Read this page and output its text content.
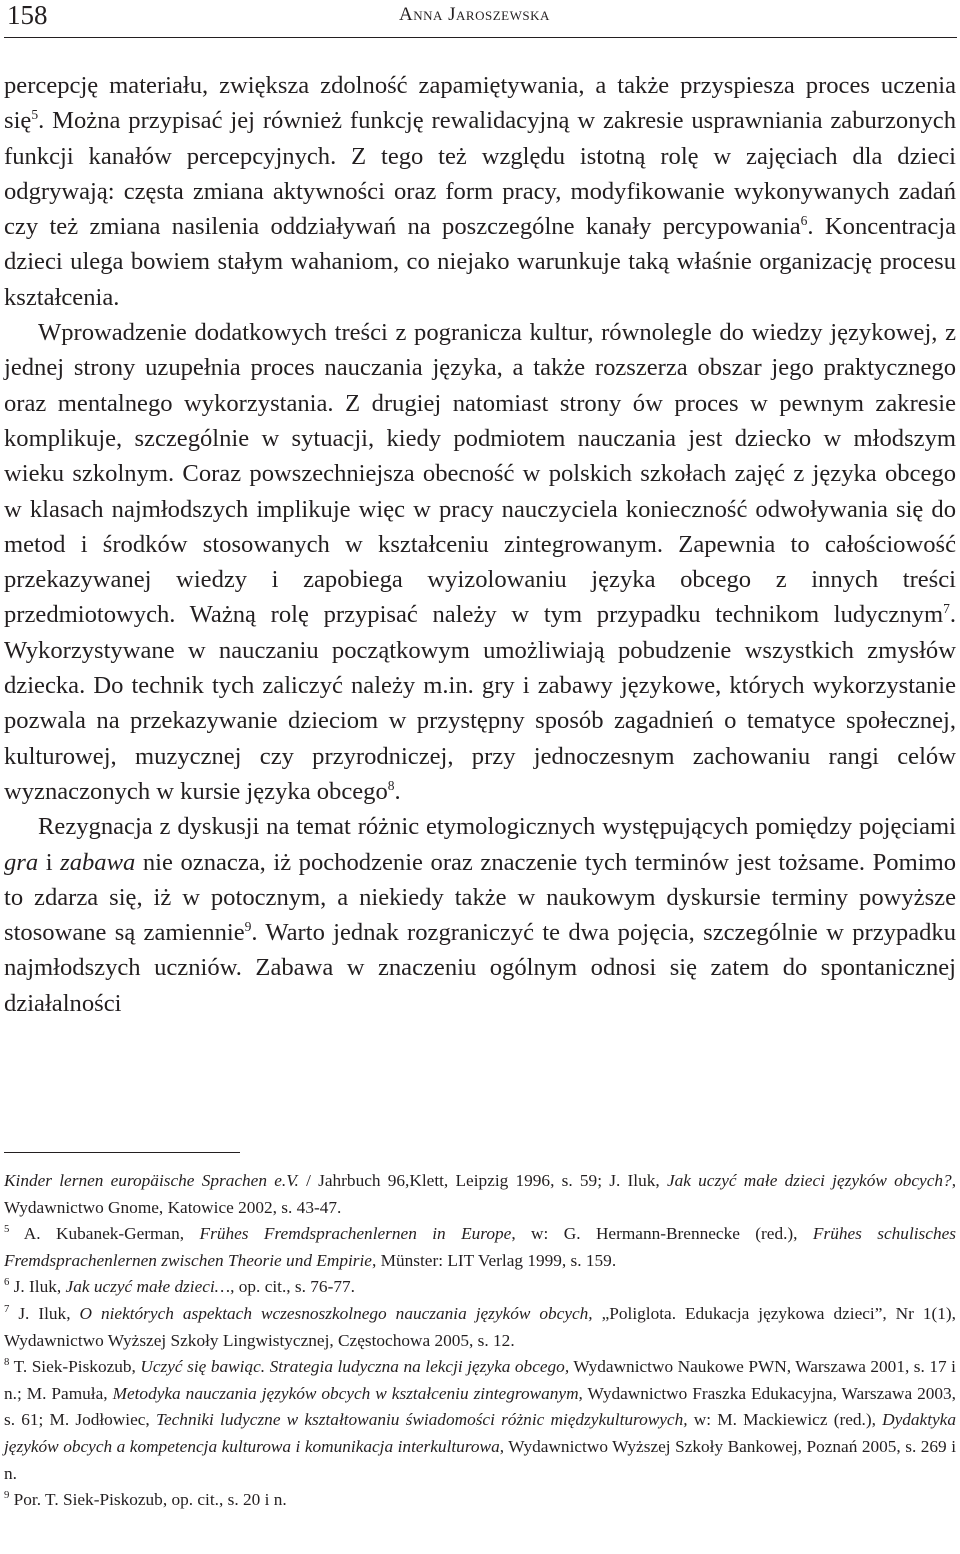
158	Anna Jaroszewska

percepcję materiału, zwiększa zdolność zapamiętywania, a także przyspiesza proces uczenia się$^5$. Można przypisać jej również funkcję rewalidacyjną w zakresie usprawniania zaburzonych funkcji kanałów percepcyjnych. Z tego też względu istotną rolę w zajęciach dla dzieci odgrywają: częsta zmiana aktywności oraz form pracy, modyfikowanie wykonywanych zadań czy też zmiana nasilenia oddziaływań na poszczególne kanały percypowania$^6$. Koncentracja dzieci ulega bowiem stałym wahaniom, co niejako warunkuje taką właśnie organizację procesu kształcenia.

Wprowadzenie dodatkowych treści z pogranicza kultur, równolegle do wiedzy językowej, z jednej strony uzupełnia proces nauczania języka, a także rozszerza obszar jego praktycznego oraz mentalnego wykorzystania. Z drugiej natomiast strony ów proces w pewnym zakresie komplikuje, szczególnie w sytuacji, kiedy podmiotem nauczania jest dziecko w młodszym wieku szkolnym. Coraz powszechniejsza obecność w polskich szkołach zajęć z języka obcego w klasach najmłodszych implikuje więc w pracy nauczyciela konieczność odwoływania się do metod i środków stosowanych w kształceniu zintegrowanym. Zapewnia to całościowość przekazywanej wiedzy i zapobiega wyizolowaniu języka obcego z innych treści przedmiotowych. Ważną rolę przypisać należy w tym przypadku technikom ludycznym$^7$. Wykorzystywane w nauczaniu początkowym umożliwiają pobudzenie wszystkich zmysłów dziecka. Do technik tych zaliczyć należy m.in. gry i zabawy językowe, których wykorzystanie pozwala na przekazywanie dzieciom w przystępny sposób zagadnień o tematyce społecznej, kulturowej, muzycznej czy przyrodniczej, przy jednoczesnym zachowaniu rangi celów wyznaczonych w kursie języka obcego$^8$.

Rezygnacja z dyskusji na temat różnic etymologicznych występujących pomiędzy pojęciami gra i zabawa nie oznacza, iż pochodzenie oraz znaczenie tych terminów jest tożsame. Pomimo to zdarza się, iż w potocznym, a niekiedy także w naukowym dyskursie terminy powyższe stosowane są zamiennie$^9$. Warto jednak rozgraniczyć te dwa pojęcia, szczególnie w przypadku najmłodszych uczniów. Zabawa w znaczeniu ogólnym odnosi się zatem do spontanicznej działalności

Kinder lernen europäische Sprachen e.V. / Jahrbuch 96,Klett, Leipzig 1996, s. 59; J. Iluk, Jak uczyć małe dzieci języków obcych?, Wydawnictwo Gnome, Katowice 2002, s. 43-47.

$^5$ A. Kubanek-German, Frühes Fremdsprachenlernen in Europe, w: G. Hermann-Brennecke (red.), Frühes schulisches Fremdsprachenlernen zwischen Theorie und Empirie, Münster: LIT Verlag 1999, s. 159.

$^6$ J. Iluk, Jak uczyć małe dzieci…, op. cit., s. 76-77.

$^7$ J. Iluk, O niektórych aspektach wczesnoszkolnego nauczania języków obcych, „Poliglota. Edukacja językowa dzieci”, Nr 1(1), Wydawnictwo Wyższej Szkoły Lingwistycznej, Częstochowa 2005, s. 12.

$^8$ T. Siek-Piskozub, Uczyć się bawiąc. Strategia ludyczna na lekcji języka obcego, Wydawnictwo Naukowe PWN, Warszawa 2001, s. 17 i n.; M. Pamuła, Metodyka nauczania języków obcych w kształceniu zintegrowanym, Wydawnictwo Fraszka Edukacyjna, Warszawa 2003, s. 61; M. Jodłowiec, Techniki ludyczne w kształtowaniu świadomości różnic międzykulturowych, w: M. Mackiewicz (red.), Dydaktyka języków obcych a kompetencja kulturowa i komunikacja interkulturowa, Wydawnictwo Wyższej Szkoły Bankowej, Poznań 2005, s. 269 i n.

$^9$ Por. T. Siek-Piskozub, op. cit., s. 20 i n.
